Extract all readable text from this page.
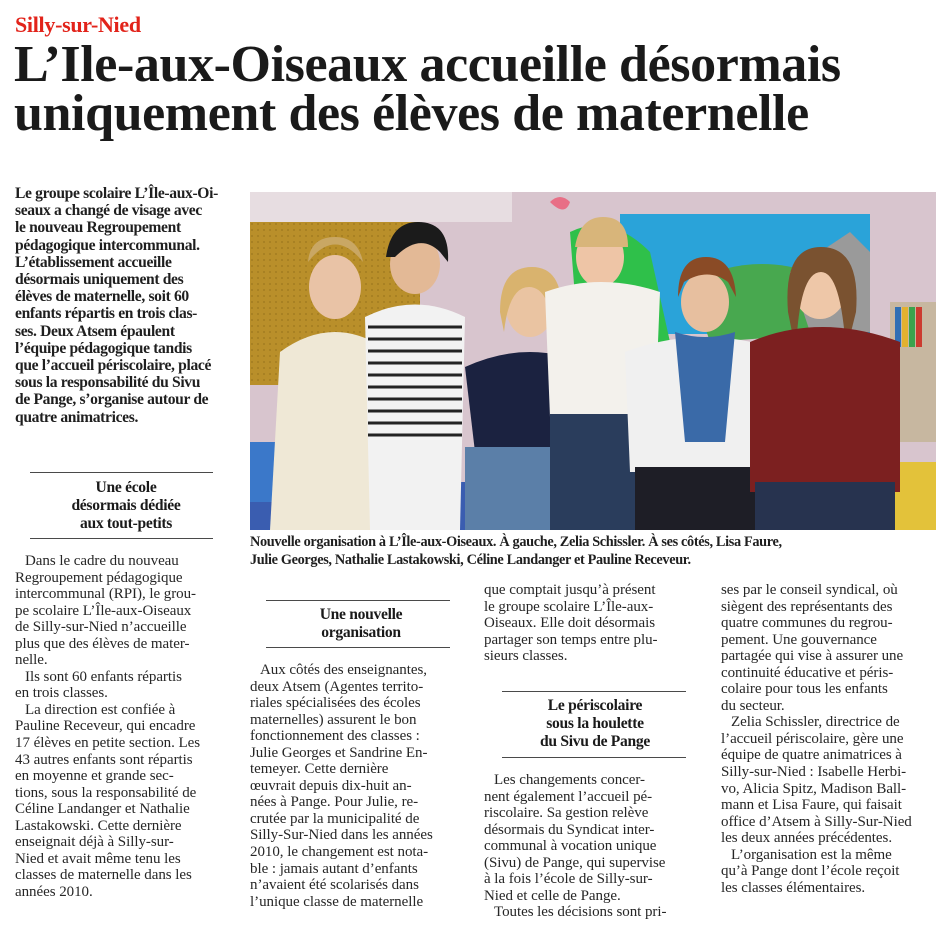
Silly-sur-Nied
L’Ile-aux-Oiseaux accueille désormais
uniquement des élèves de maternelle
Le groupe scolaire L’Île-aux-Oi-
seaux a changé de visage avec
le nouveau Regroupement
pédagogique intercommunal.
L’établissement accueille
désormais uniquement des
élèves de maternelle, soit 60
enfants répartis en trois clas-
ses. Deux Atsem épaulent
l’équipe pédagogique tandis
que l’accueil périscolaire, placé
sous la responsabilité du Sivu
de Pange, s’organise autour de
quatre animatrices.
Nouvelle organisation à L’Île-aux-Oiseaux. À gauche, Zelia Schissler. À ses côtés, Lisa Faure,
Julie Georges, Nathalie Lastakowski, Céline Landanger et Pauline Receveur.
Une école
désormais dédiée
aux tout-petits
Dans le cadre du nouveau
Regroupement pédagogique
intercommunal (RPI), le grou-
pe scolaire L’Île-aux-Oiseaux
de Silly-sur-Nied n’accueille
plus que des élèves de mater-
nelle.
Ils sont 60 enfants répartis
en trois classes.
La direction est confiée à
Pauline Receveur, qui encadre
17 élèves en petite section. Les
43 autres enfants sont répartis
en moyenne et grande sec-
tions, sous la responsabilité de
Céline Landanger et Nathalie
Lastakowski. Cette dernière
enseignait déjà à Silly-sur-
Nied et avait même tenu les
classes de maternelle dans les
années 2010.
Une nouvelle
organisation
Aux côtés des enseignantes,
deux Atsem (Agentes territo-
riales spécialisées des écoles
maternelles) assurent le bon
fonctionnement des classes :
Julie Georges et Sandrine En-
temeyer. Cette dernière
œuvrait depuis dix-huit an-
nées à Pange. Pour Julie, re-
crutée par la municipalité de
Silly-Sur-Nied dans les années
2010, le changement est nota-
ble : jamais autant d’enfants
n’avaient été scolarisés dans
l’unique classe de maternelle
que comptait jusqu’à présent
le groupe scolaire L’Île-aux-
Oiseaux. Elle doit désormais
partager son temps entre plu-
sieurs classes.
Le périscolaire
sous la houlette
du Sivu de Pange
Les changements concer-
nent également l’accueil pé-
riscolaire. Sa gestion relève
désormais du Syndicat inter-
communal à vocation unique
(Sivu) de Pange, qui supervise
à la fois l’école de Silly-sur-
Nied et celle de Pange.
Toutes les décisions sont pri-
ses par le conseil syndical, où
siègent des représentants des
quatre communes du regrou-
pement. Une gouvernance
partagée qui vise à assurer une
continuité éducative et péris-
colaire pour tous les enfants
du secteur.
Zelia Schissler, directrice de
l’accueil périscolaire, gère une
équipe de quatre animatrices à
Silly-sur-Nied : Isabelle Herbi-
vo, Alicia Spitz, Madison Ball-
mann et Lisa Faure, qui faisait
office d’Atsem à Silly-Sur-Nied
les deux années précédentes.
L’organisation est la même
qu’à Pange dont l’école reçoit
les classes élémentaires.
